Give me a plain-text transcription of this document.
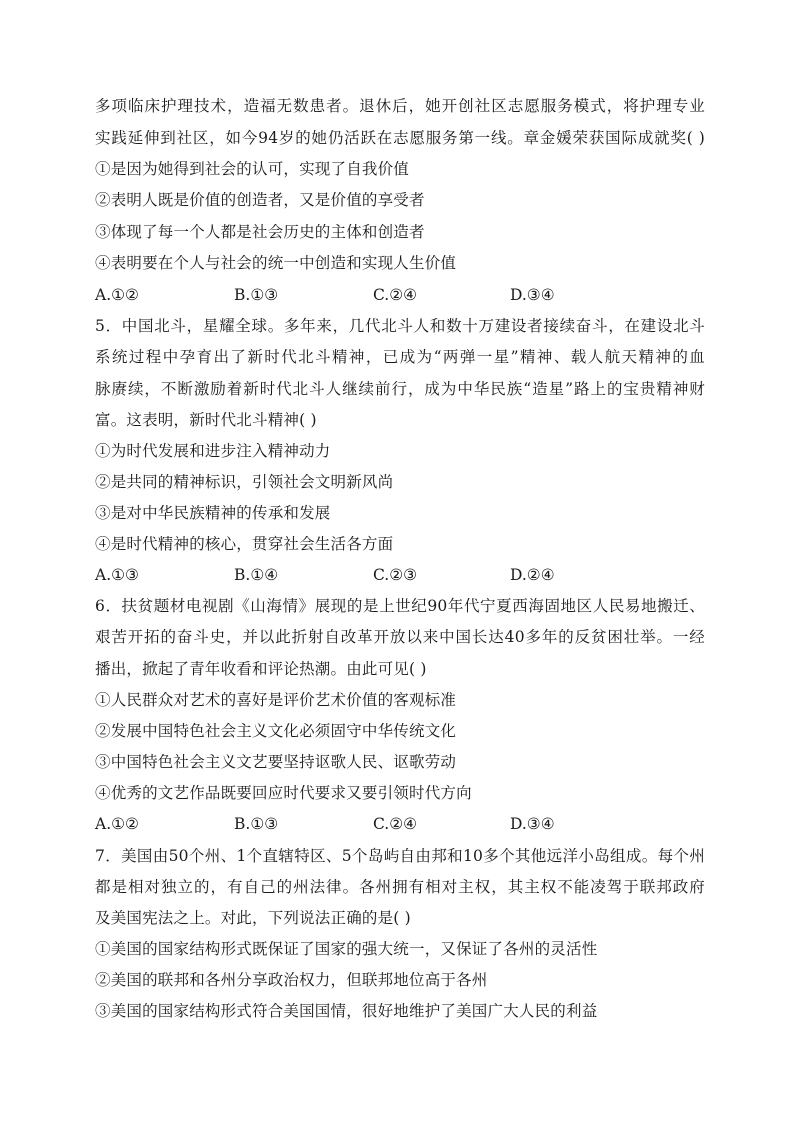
多项临床护理技术，造福无数患者。退休后，她开创社区志愿服务模式，将护理专业
实践延伸到社区，如今94岁的她仍活跃在志愿服务第一线。章金媛荣获国际成就奖( )
①是因为她得到社会的认可，实现了自我价值
②表明人既是价值的创造者，又是价值的享受者
③体现了每一个人都是社会历史的主体和创造者
④表明要在个人与社会的统一中创造和实现人生价值
A.①②	B.①③	C.②④	D.③④
5．中国北斗，星耀全球。多年来，几代北斗人和数十万建设者接续奋斗，在建设北斗
系统过程中孕育出了新时代北斗精神，已成为“两弹一星”精神、载人航天精神的血
脉赓续，不断激励着新时代北斗人继续前行，成为中华民族“造星”路上的宝贵精神财
富。这表明，新时代北斗精神( )
①为时代发展和进步注入精神动力
②是共同的精神标识，引领社会文明新风尚
③是对中华民族精神的传承和发展
④是时代精神的核心，贯穿社会生活各方面
A.①③	B.①④	C.②③	D.②④
6．扶贫题材电视剧《山海情》展现的是上世纪90年代宁夏西海固地区人民易地搬迁、
艰苦开拓的奋斗史，并以此折射自改革开放以来中国长达40多年的反贫困壮举。一经
播出，掀起了青年收看和评论热潮。由此可见( )
①人民群众对艺术的喜好是评价艺术价值的客观标准
②发展中国特色社会主义文化必须固守中华传统文化
③中国特色社会主义文艺要坚持讴歌人民、讴歌劳动
④优秀的文艺作品既要回应时代要求又要引领时代方向
A.①②	B.①③	C.②④	D.③④
7．美国由50个州、1个直辖特区、5个岛屿自由邦和10多个其他远洋小岛组成。每个州
都是相对独立的，有自己的州法律。各州拥有相对主权，其主权不能凌驾于联邦政府
及美国宪法之上。对此，下列说法正确的是( )
①美国的国家结构形式既保证了国家的强大统一，又保证了各州的灵活性
②美国的联邦和各州分享政治权力，但联邦地位高于各州
③美国的国家结构形式符合美国国情，很好地维护了美国广大人民的利益
